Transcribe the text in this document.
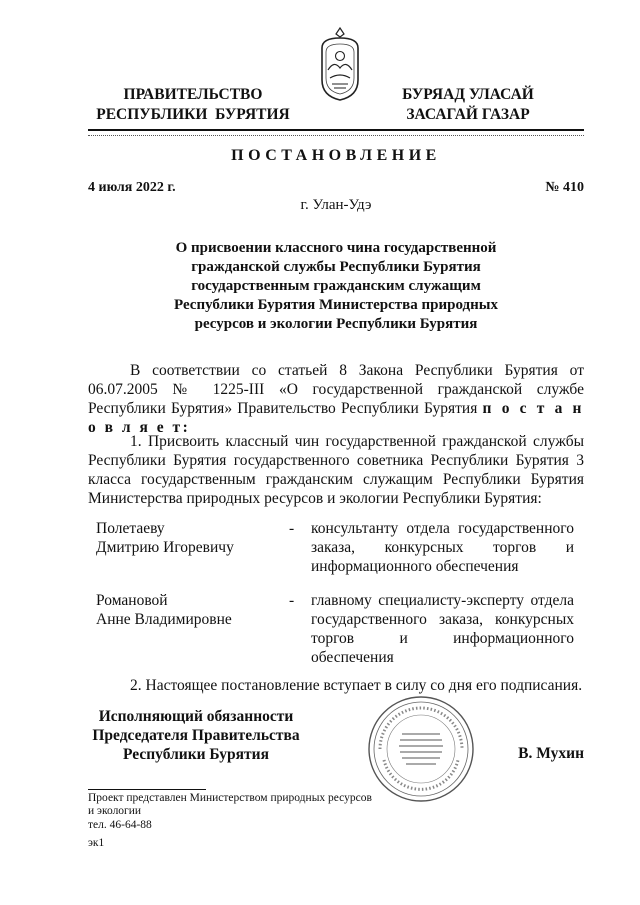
ПРАВИТЕЛЬСТВО
РЕСПУБЛИКИ  БУРЯТИЯ
БУРЯАД УЛАСАЙ
ЗАСАГАЙ ГАЗАР
ПОСТАНОВЛЕНИЕ
4 июля 2022 г.	№ 410
г. Улан-Удэ
О присвоении классного чина государственной гражданской службы Республики Бурятия государственным гражданским служащим Республики Бурятия Министерства природных ресурсов и экологии Республики Бурятия
В соответствии со статьей 8 Закона Республики Бурятия от 06.07.2005 № 1225-III «О государственной гражданской службе Республики Бурятия» Правительство Республики Бурятия п о с т а н о в л я е т:
1. Присвоить классный чин государственной гражданской службы Республики Бурятия государственного советника Республики Бурятия 3 класса государственным гражданским служащим Республики Бурятия Министерства природных ресурсов и экологии Республики Бурятия:
Полетаеву
Дмитрию Игоревичу
- консультанту отдела государственного заказа, конкурсных торгов и информационного обеспечения
Романовой
Анне Владимировне
- главному специалисту-эксперту отдела государственного заказа, конкурсных торгов и информационного обеспечения
2. Настоящее постановление вступает в силу со дня его подписания.
Исполняющий обязанности
Председателя Правительства
Республики Бурятия	В. Мухин
Проект представлен Министерством природных ресурсов
и экологии
тел. 46-64-88
эк1
